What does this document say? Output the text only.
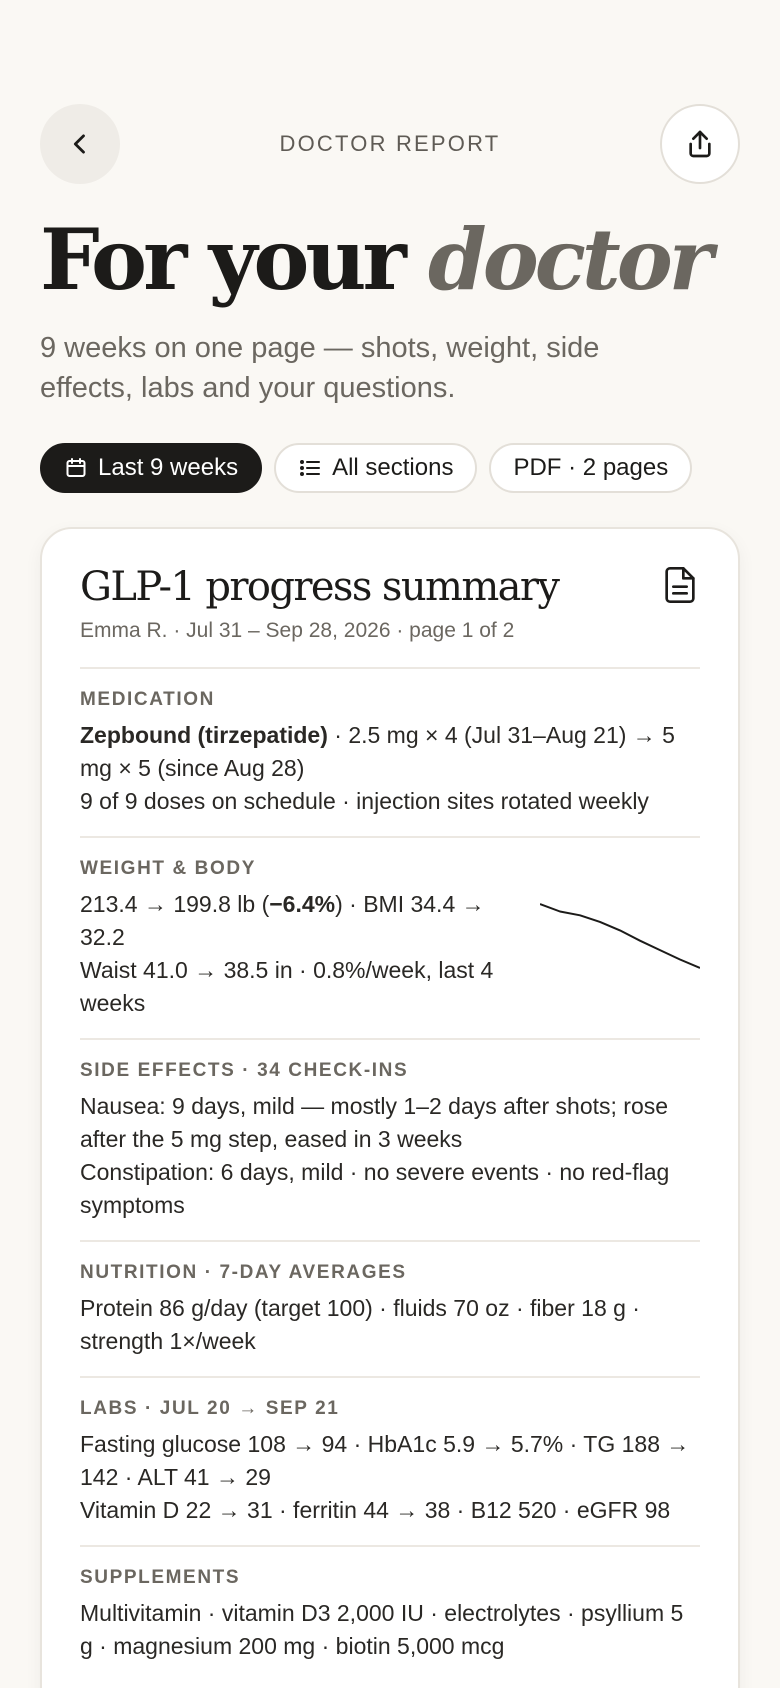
DOCTOR REPORT
For your doctor

9 weeks on one page — shots, weight, side effects, labs and your questions.

Last 9 weeks	All sections	PDF · 2 pages
GLP-1 progress summary
Emma R. · Jul 31 – Sep 28, 2026 · page 1 of 2
MEDICATION
Zepbound (tirzepatide) · 2.5 mg × 4 (Jul 31–Aug 21) → 5 mg × 5 (since Aug 28)
9 of 9 doses on schedule · injection sites rotated weekly
WEIGHT & BODY
213.4 → 199.8 lb (−6.4%) · BMI 34.4 → 32.2
Waist 41.0 → 38.5 in · 0.8%/week, last 4 weeks
SIDE EFFECTS · 34 CHECK-INS
Nausea: 9 days, mild — mostly 1–2 days after shots; rose after the 5 mg step, eased in 3 weeks
Constipation: 6 days, mild · no severe events · no red-flag symptoms
NUTRITION · 7-DAY AVERAGES
Protein 86 g/day (target 100) · fluids 70 oz · fiber 18 g · strength 1×/week
LABS · JUL 20 → SEP 21
Fasting glucose 108 → 94 · HbA1c 5.9 → 5.7% · TG 188 → 142 · ALT 41 → 29
Vitamin D 22 → 31 · ferritin 44 → 38 · B12 520 · eGFR 98
SUPPLEMENTS
Multivitamin · vitamin D3 2,000 IU · electrolytes · psyllium 5 g · magnesium 200 mg · biotin 5,000 mcg
